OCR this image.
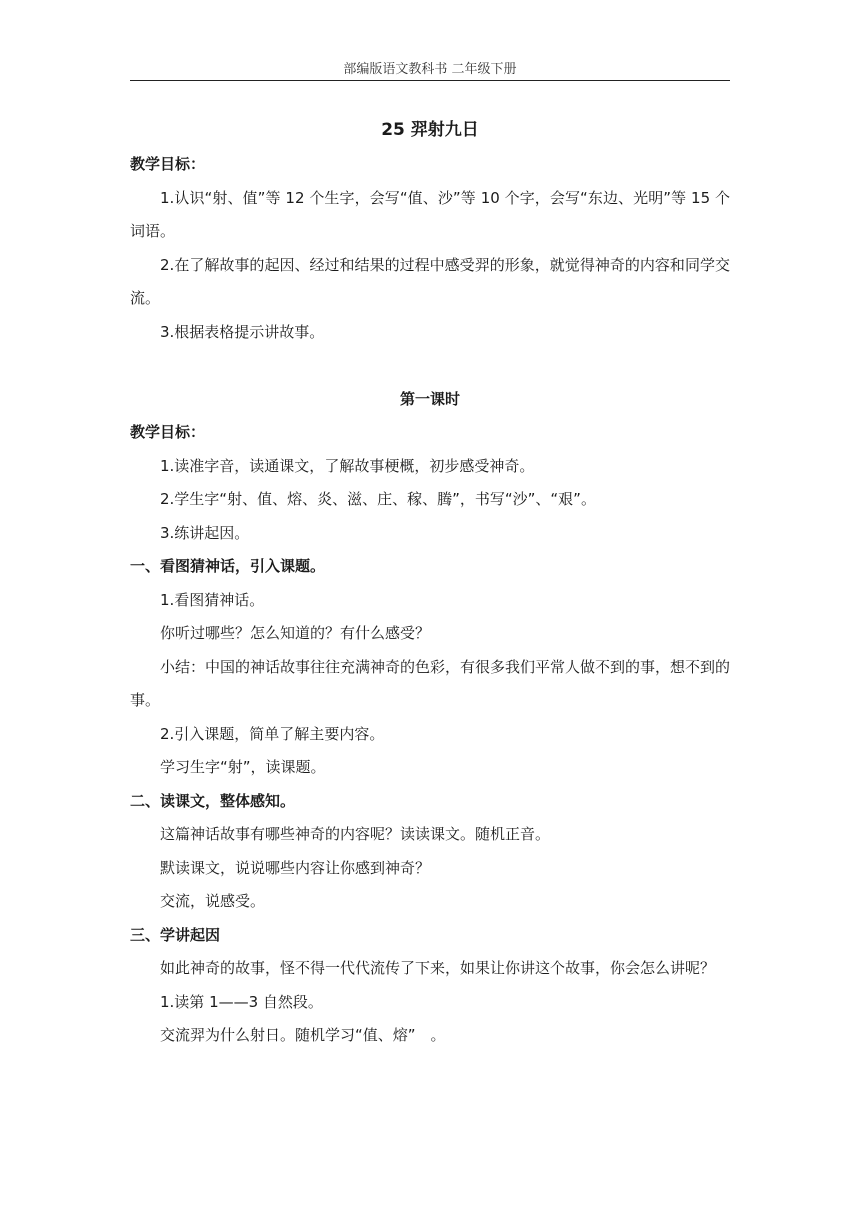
部编版语文教科书 二年级下册

25 羿射九日

教学目标：

1.认识“射、值”等 12 个生字，会写“值、沙”等 10 个字，会写“东边、光明”等 15 个词语。

2.在了解故事的起因、经过和结果的过程中感受羿的形象，就觉得神奇的内容和同学交流。

3.根据表格提示讲故事。

第一课时

教学目标：

1.读准字音，读通课文，了解故事梗概，初步感受神奇。

2.学生字“射、值、熔、炎、滋、庄、稼、腾”，书写“沙”、“艰”。

3.练讲起因。

一、看图猜神话，引入课题。

1.看图猜神话。

你听过哪些？怎么知道的？有什么感受？

小结：中国的神话故事往往充满神奇的色彩，有很多我们平常人做不到的事，想不到的事。

2.引入课题，简单了解主要内容。

学习生字“射”，读课题。

二、读课文，整体感知。

这篇神话故事有哪些神奇的内容呢？读读课文。随机正音。

默读课文，说说哪些内容让你感到神奇？

交流，说感受。

三、学讲起因

如此神奇的故事，怪不得一代代流传了下来，如果让你讲这个故事，你会怎么讲呢？

1.读第 1——3 自然段。

交流羿为什么射日。随机学习“值、熔”　。
